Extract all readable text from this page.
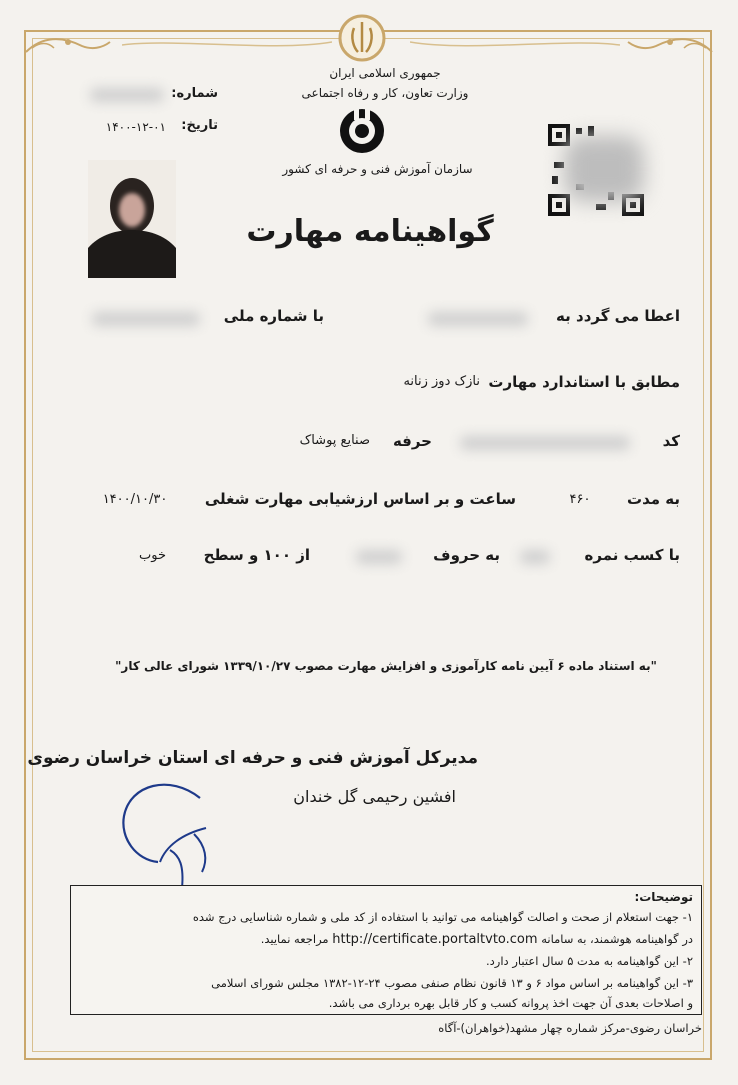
جمهوری اسلامی ایران
وزارت تعاون، کار و رفاه اجتماعی
سازمان آموزش فنی و حرفه ای کشور
شماره:
تاریخ:
۱۴۰۰-۱۲-۰۱
گواهینامه مهارت
اعطا می گردد به
با شماره ملی
مطابق با استاندارد مهارت
نازک دوز زنانه
کد
حرفه
صنایع پوشاک
به مدت
۴۶۰
ساعت و بر اساس ارزشیابی مهارت شغلی
۱۴۰۰/۱۰/۳۰
با کسب نمره
به حروف
از ۱۰۰ و سطح
خوب
"به استناد ماده ۶ آیین نامه کارآموزی و افزایش مهارت مصوب ۱۳۳۹/۱۰/۲۷ شورای عالی کار"
مدیرکل آموزش فنی و حرفه ای استان خراسان رضوی
افشین رحیمی گل خندان
توضیحات:
۱- جهت استعلام از صحت و اصالت گواهینامه می توانید با استفاده از کد ملی و شماره شناسایی درج شده
در گواهینامه هوشمند، به سامانه http://certificate.portaltvto.com مراجعه نمایید.
۲- این گواهینامه به مدت ۵ سال اعتبار دارد.
۳- این گواهینامه بر اساس مواد ۶ و ۱۳ قانون نظام صنفی مصوب ۲۴-۱۲-۱۳۸۲ مجلس شورای اسلامی
و اصلاحات بعدی آن جهت اخذ پروانه کسب و کار قابل بهره برداری می باشد.
خراسان رضوی-مرکز شماره چهار مشهد(خواهران)-آگاه
